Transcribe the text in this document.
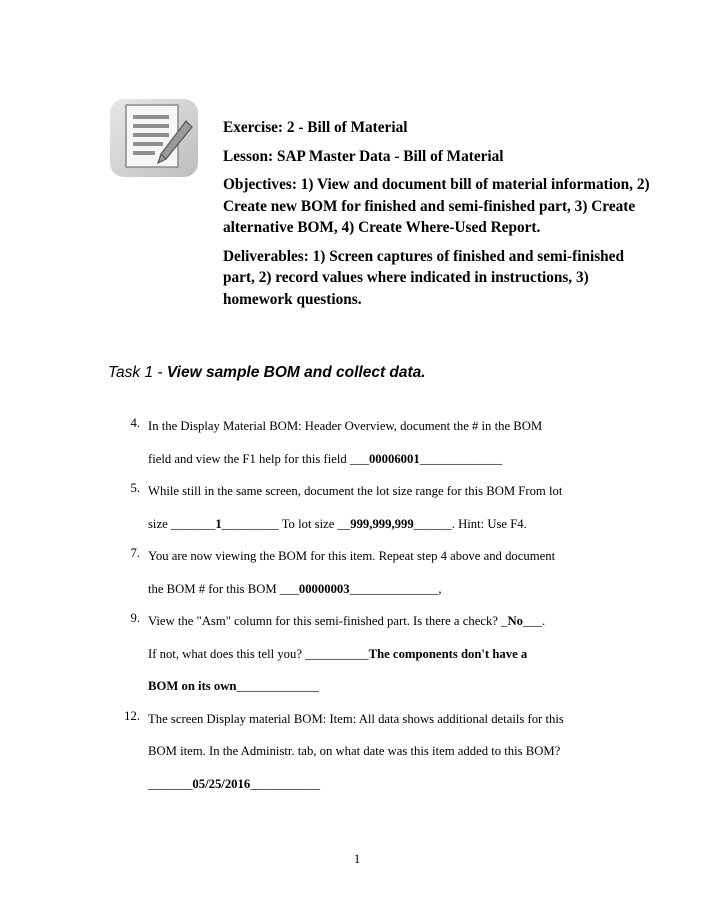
Exercise: 2 - Bill of Material

Lesson: SAP Master Data - Bill of Material

Objectives: 1) View and document bill of material information, 2) Create new BOM for finished and semi-finished part, 3) Create alternative BOM, 4) Create Where-Used Report.

Deliverables: 1) Screen captures of finished and semi-finished part, 2) record values where indicated in instructions, 3) homework questions.

Task 1 - View sample BOM and collect data.
4. In the Display Material BOM: Header Overview, document the # in the BOM
field and view the F1 help for this field ___00006001_____________
5. While still in the same screen, document the lot size range for this BOM From lot
size _______1_________ To lot size __999,999,999______. Hint: Use F4.
7. You are now viewing the BOM for this item. Repeat step 4 above and document
the BOM # for this BOM ___00000003______________,
9. View the "Asm" column for this semi-finished part. Is there a check? _No___.
If not, what does this tell you? __________The components don't have a
BOM on its own_____________
12. The screen Display material BOM: Item: All data shows additional details for this
BOM item. In the Administr. tab, on what date was this item added to this BOM?
_______05/25/2016___________
1
